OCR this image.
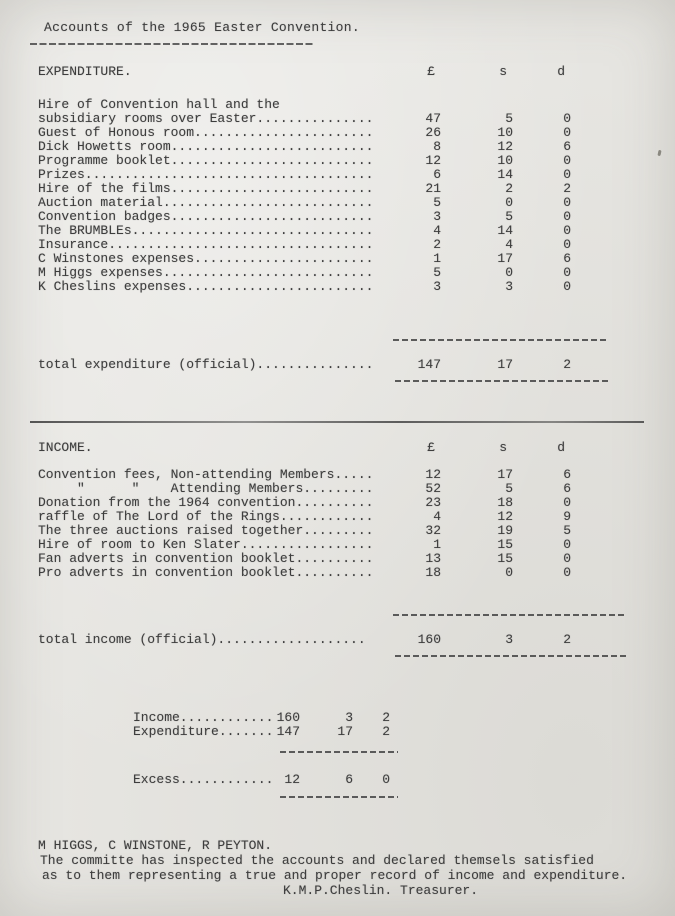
Accounts of the 1965 Easter Convention.
EXPENDITURE.	£	s	d
Hire of Convention hall and the
subsidiary rooms over Easter...............	47	5	0
Guest of Honous room.......................	26	10	0
Dick Howetts room..........................	8	12	6
Programme booklet..........................	12	10	0
Prizes.....................................	6	14	0
Hire of the films..........................	21	2	2
Auction material...........................	5	0	0
Convention badges..........................	3	5	0
The BRUMBLEs...............................	4	14	0
Insurance..................................	2	4	0
C Winstones expenses.......................	1	17	6
M Higgs expenses...........................	5	0	0
K Cheslins expenses........................	3	3	0
total expenditure (official)...............	147	17	2
INCOME.	£	s	d
Convention fees, Non-attending Members.....	12	17	6
"      "    Attending Members.........	52	5	6
Donation from the 1964 convention..........	23	18	0
raffle of The Lord of the Rings............	4	12	9
The three auctions raised together.........	32	19	5
Hire of room to Ken Slater.................	1	15	0
Fan adverts in convention booklet..........	13	15	0
Pro adverts in convention booklet..........	18	0	0
total income (official)...................	160	3	2
Income............ 160	3	2
Expenditure....... 147	17	2
Excess............ 12	6	0
M HIGGS, C WINSTONE, R PEYTON.
The committe has inspected the accounts and declared themsels satisfied
as to them representing a true and proper record of income and expenditure.
K.M.P.Cheslin. Treasurer.
